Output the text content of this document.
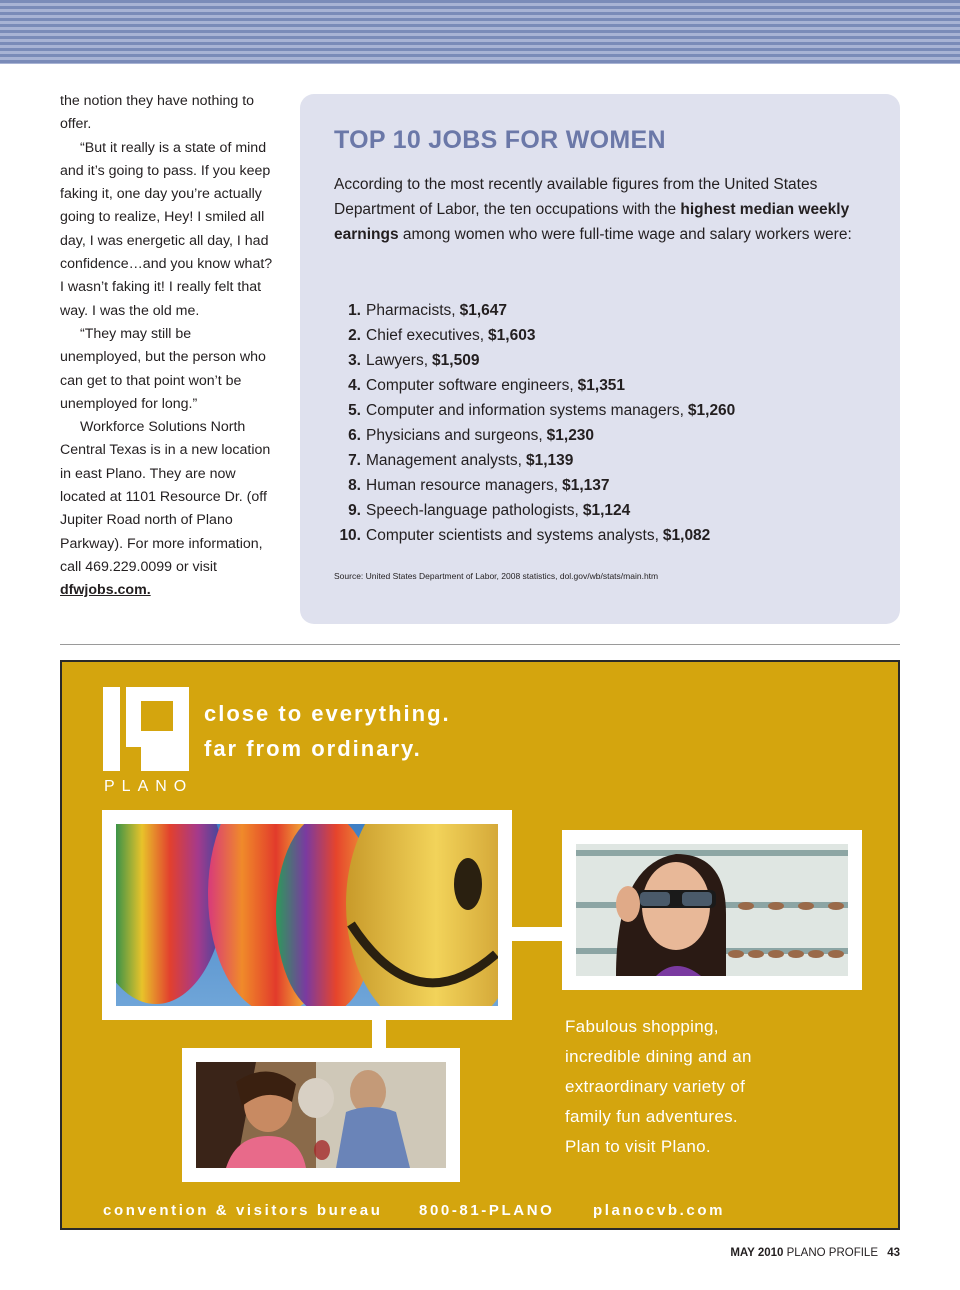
the notion they have nothing to offer.

“But it really is a state of mind and it’s going to pass. If you keep faking it, one day you’re actually going to realize, Hey! I smiled all day, I was energetic all day, I had confidence…and you know what? I wasn’t faking it! I really felt that way. I was the old me.

“They may still be unemployed, but the person who can get to that point won’t be unemployed for long.”

Workforce Solutions North Central Texas is in a new location in east Plano. They are now located at 1101 Resource Dr. (off Jupiter Road north of Plano Parkway). For more information, call 469.229.0099 or visit dfwjobs.com.

TOP 10 JOBS FOR WOMEN

According to the most recently available figures from the United States Department of Labor, the ten occupations with the highest median weekly earnings among women who were full-time wage and salary workers were:

1. Pharmacists, $1,647
2. Chief executives, $1,603
3. Lawyers, $1,509
4. Computer software engineers, $1,351
5. Computer and information systems managers, $1,260
6. Physicians and surgeons, $1,230
7. Management analysts, $1,139
8. Human resource managers, $1,137
9. Speech-language pathologists, $1,124
10. Computer scientists and systems analysts, $1,082
Source: United States Department of Labor, 2008 statistics, dol.gov/wb/stats/main.htm
PLANO
close to everything.
far from ordinary.
Fabulous shopping,
incredible dining and an
extraordinary variety of
family fun adventures.
Plan to visit Plano.
convention & visitors bureau 800-81-PLANO	planocvb.com
MAY 2010 PLANO PROFILE 43
